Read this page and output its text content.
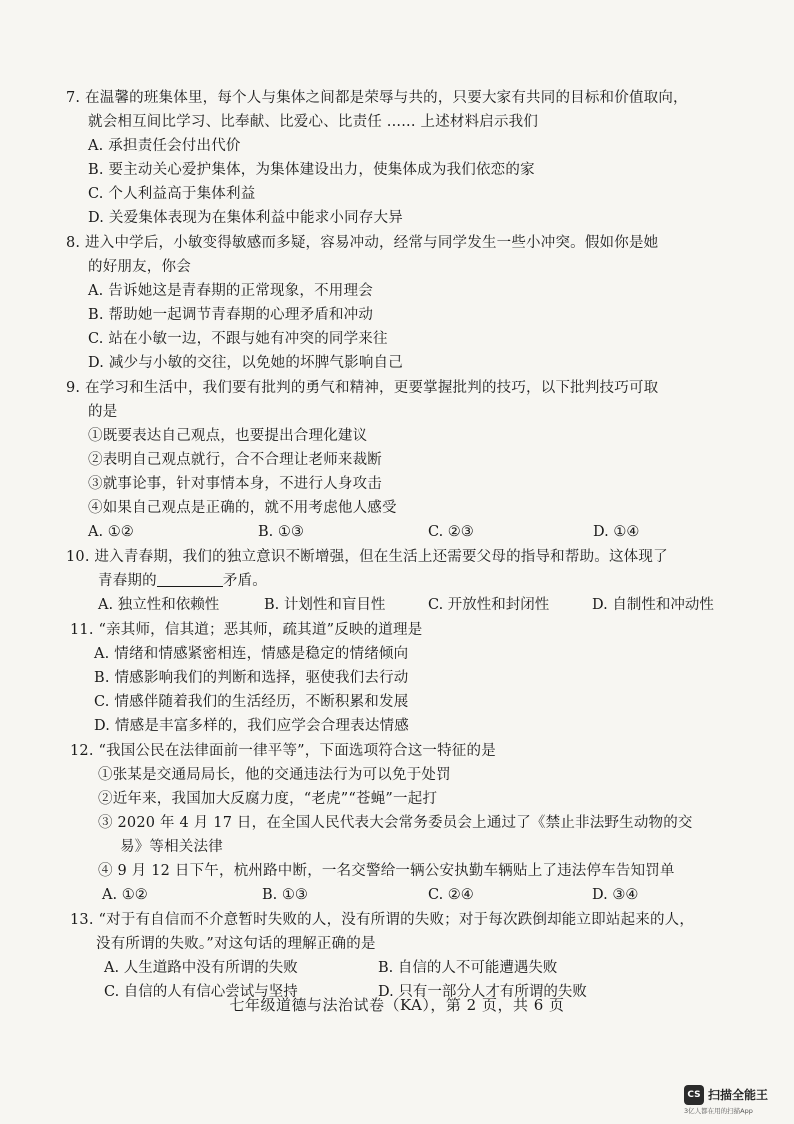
7. 在温馨的班集体里，每个人与集体之间都是荣辱与共的，只要大家有共同的目标和价值取向，
就会相互间比学习、比奉献、比爱心、比责任 ...... 上述材料启示我们
A. 承担责任会付出代价
B. 要主动关心爱护集体，为集体建设出力，使集体成为我们依恋的家
C. 个人利益高于集体利益
D. 关爱集体表现为在集体利益中能求小同存大异
8. 进入中学后，小敏变得敏感而多疑，容易冲动，经常与同学发生一些小冲突。假如你是她
的好朋友，你会
A. 告诉她这是青春期的正常现象，不用理会
B. 帮助她一起调节青春期的心理矛盾和冲动
C. 站在小敏一边，不跟与她有冲突的同学来往
D. 减少与小敏的交往，以免她的坏脾气影响自己
9. 在学习和生活中，我们要有批判的勇气和精神，更要掌握批判的技巧，以下批判技巧可取
的是
①既要表达自己观点，也要提出合理化建议
②表明自己观点就行，合不合理让老师来裁断
③就事论事，针对事情本身，不进行人身攻击
④如果自己观点是正确的，就不用考虑他人感受
A. ①②	B. ①③	C. ②③	D. ①④
10. 进入青春期，我们的独立意识不断增强，但在生活上还需要父母的指导和帮助。这体现了
青春期的	矛盾。
A. 独立性和依赖性	B. 计划性和盲目性	C. 开放性和封闭性	D. 自制性和冲动性
11. “亲其师，信其道；恶其师，疏其道”反映的道理是
A. 情绪和情感紧密相连，情感是稳定的情绪倾向
B. 情感影响我们的判断和选择，驱使我们去行动
C. 情感伴随着我们的生活经历，不断积累和发展
D. 情感是丰富多样的，我们应学会合理表达情感
12. “我国公民在法律面前一律平等”，下面选项符合这一特征的是
①张某是交通局局长，他的交通违法行为可以免于处罚
②近年来，我国加大反腐力度，“老虎”“苍蝇”一起打
③ 2020 年 4 月 17 日，在全国人民代表大会常务委员会上通过了《禁止非法野生动物的交
易》等相关法律
④ 9 月 12 日下午，杭州路中断，一名交警给一辆公安执勤车辆贴上了违法停车告知罚单
A. ①②	B. ①③	C. ②④	D. ③④
13. “对于有自信而不介意暂时失败的人，没有所谓的失败；对于每次跌倒却能立即站起来的人，
没有所谓的失败。”对这句话的理解正确的是
A. 人生道路中没有所谓的失败	B. 自信的人不可能遭遇失败
C. 自信的人有信心尝试与坚持	D. 只有一部分人才有所谓的失败
七年级道德与法治试卷（KA），第 2 页，共 6 页
CS 扫描全能王
3亿人都在用的扫描App
